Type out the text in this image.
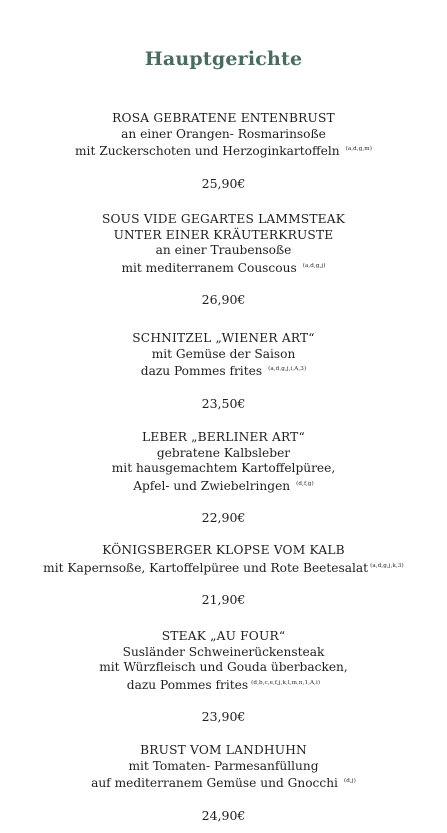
Hauptgerichte
ROSA GEBRATENE ENTENBRUST
an einer Orangen- Rosmarinsoße
mit Zuckerschoten und Herzoginkartoffeln $^{(a,d,g,m)}$
25,90€
SOUS VIDE GEGARTES LAMMSTEAK
UNTER EINER KRÄUTERKRUSTE
an einer Traubensoße
mit mediterranem Couscous $^{(a,d,g,j)}$
26,90€
SCHNITZEL „WIENER ART“
mit Gemüse der Saison
dazu Pommes frites $^{(a,d,g,j,i,A,3)}$
23,50€
LEBER „BERLINER ART“
gebratene Kalbsleber
mit hausgemachtem Kartoffelpüree,
Apfel- und Zwiebelringen $^{(d,f,g)}$
22,90€
KÖNIGSBERGER KLOPSE VOM KALB
mit Kapernsoße, Kartoffelpüree und Rote Beetesalat $^{(a,d,g,j,k,3)}$
21,90€
STEAK „AU FOUR“
Susländer Schweinerückensteak
mit Würzfleisch und Gouda überbacken,
dazu Pommes frites $^{(d,b,c,e,f,j,k,l,m,n,1,A,i)}$
23,90€
BRUST VOM LANDHUHN
mit Tomaten- Parmesanfüllung
auf mediterranem Gemüse und Gnocchi $^{(d,j)}$
24,90€
